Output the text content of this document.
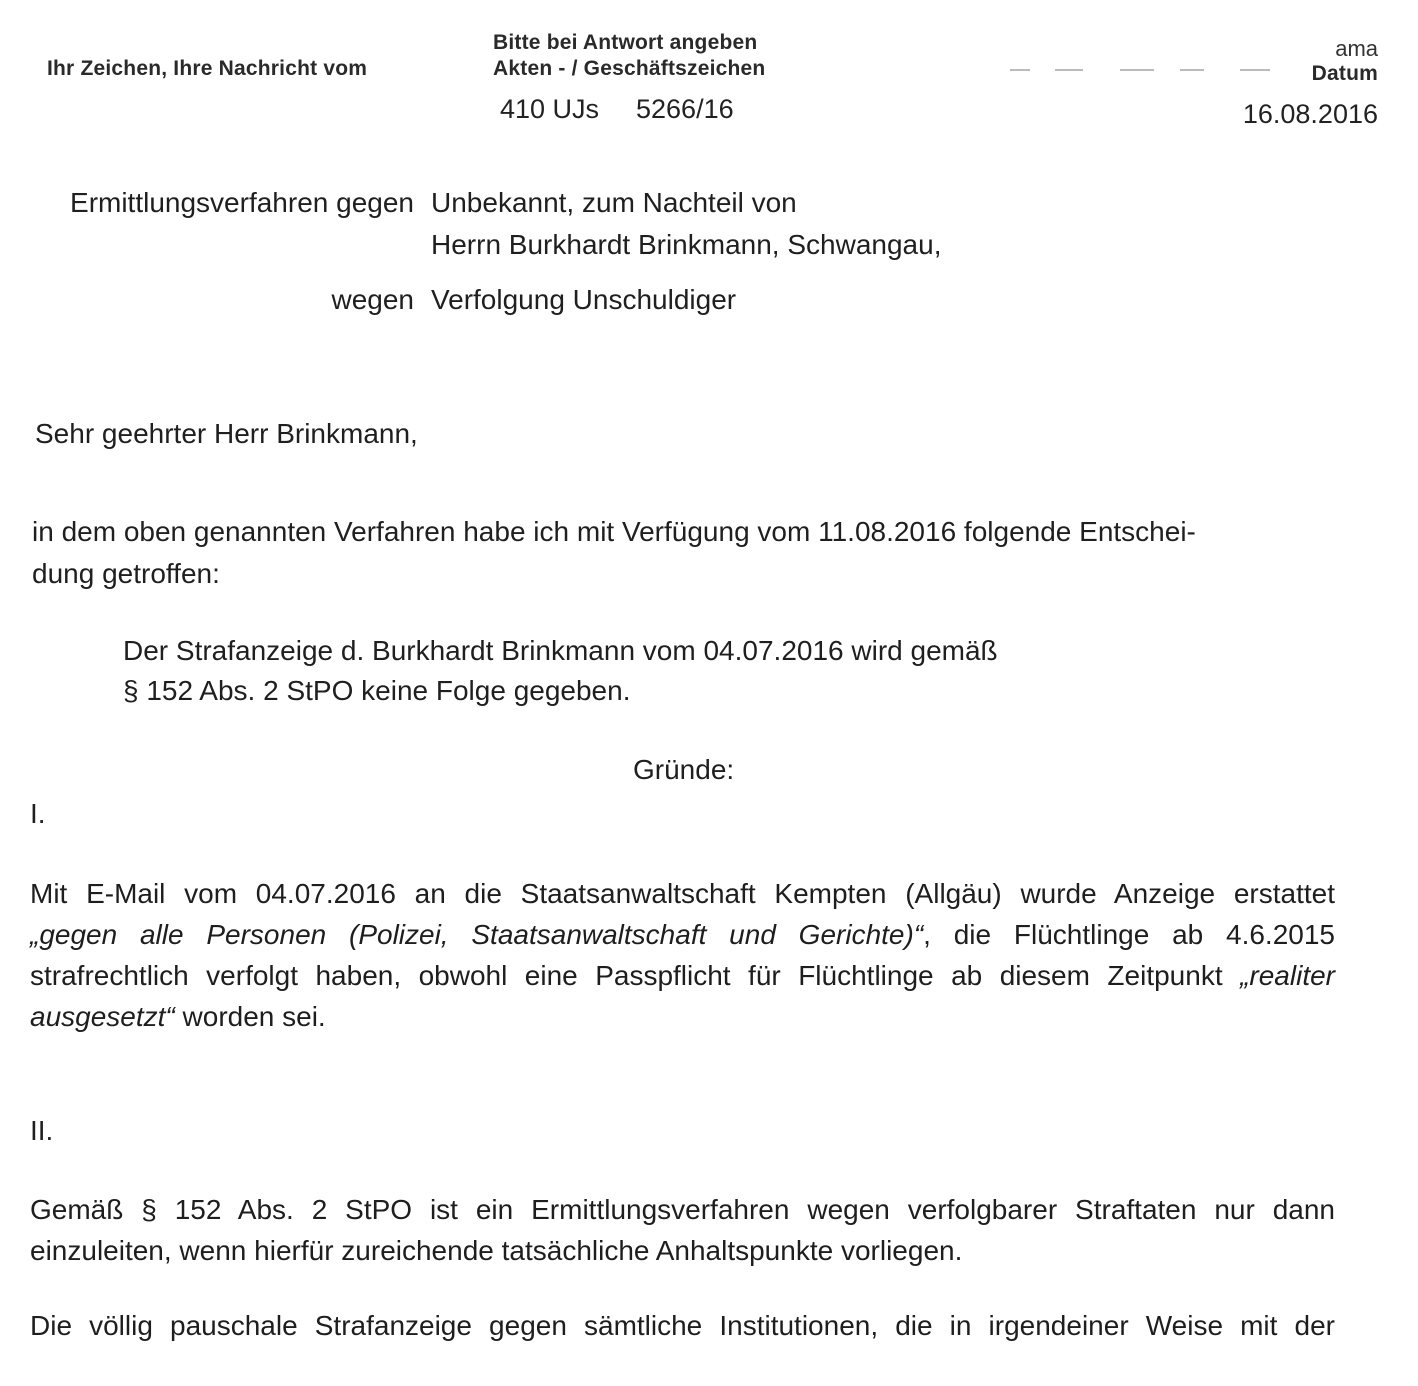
Ihr Zeichen, Ihre Nachricht vom
Bitte bei Antwort angeben
Akten - / Geschäftszeichen
410 UJs 5266/16
ama
Datum
16.08.2016
Ermittlungsverfahren gegen Unbekannt, zum Nachteil von
Herrn Burkhardt Brinkmann, Schwangau,
wegen Verfolgung Unschuldiger
Sehr geehrter Herr Brinkmann,
in dem oben genannten Verfahren habe ich mit Verfügung vom 11.08.2016 folgende Entschei-
dung getroffen:
Der Strafanzeige d. Burkhardt Brinkmann vom 04.07.2016 wird gemäß
§ 152 Abs. 2 StPO keine Folge gegeben.
Gründe:
I.
Mit E-Mail vom 04.07.2016 an die Staatsanwaltschaft Kempten (Allgäu) wurde Anzeige erstattet
„gegen alle Personen (Polizei, Staatsanwaltschaft und Gerichte)“, die Flüchtlinge ab 4.6.2015
strafrechtlich verfolgt haben, obwohl eine Passpflicht für Flüchtlinge ab diesem Zeitpunkt „realiter
ausgesetzt“ worden sei.
II.
Gemäß § 152 Abs. 2 StPO ist ein Ermittlungsverfahren wegen verfolgbarer Straftaten nur dann
einzuleiten, wenn hierfür zureichende tatsächliche Anhaltspunkte vorliegen.
Die völlig pauschale Strafanzeige gegen sämtliche Institutionen, die in irgendeiner Weise mit der
